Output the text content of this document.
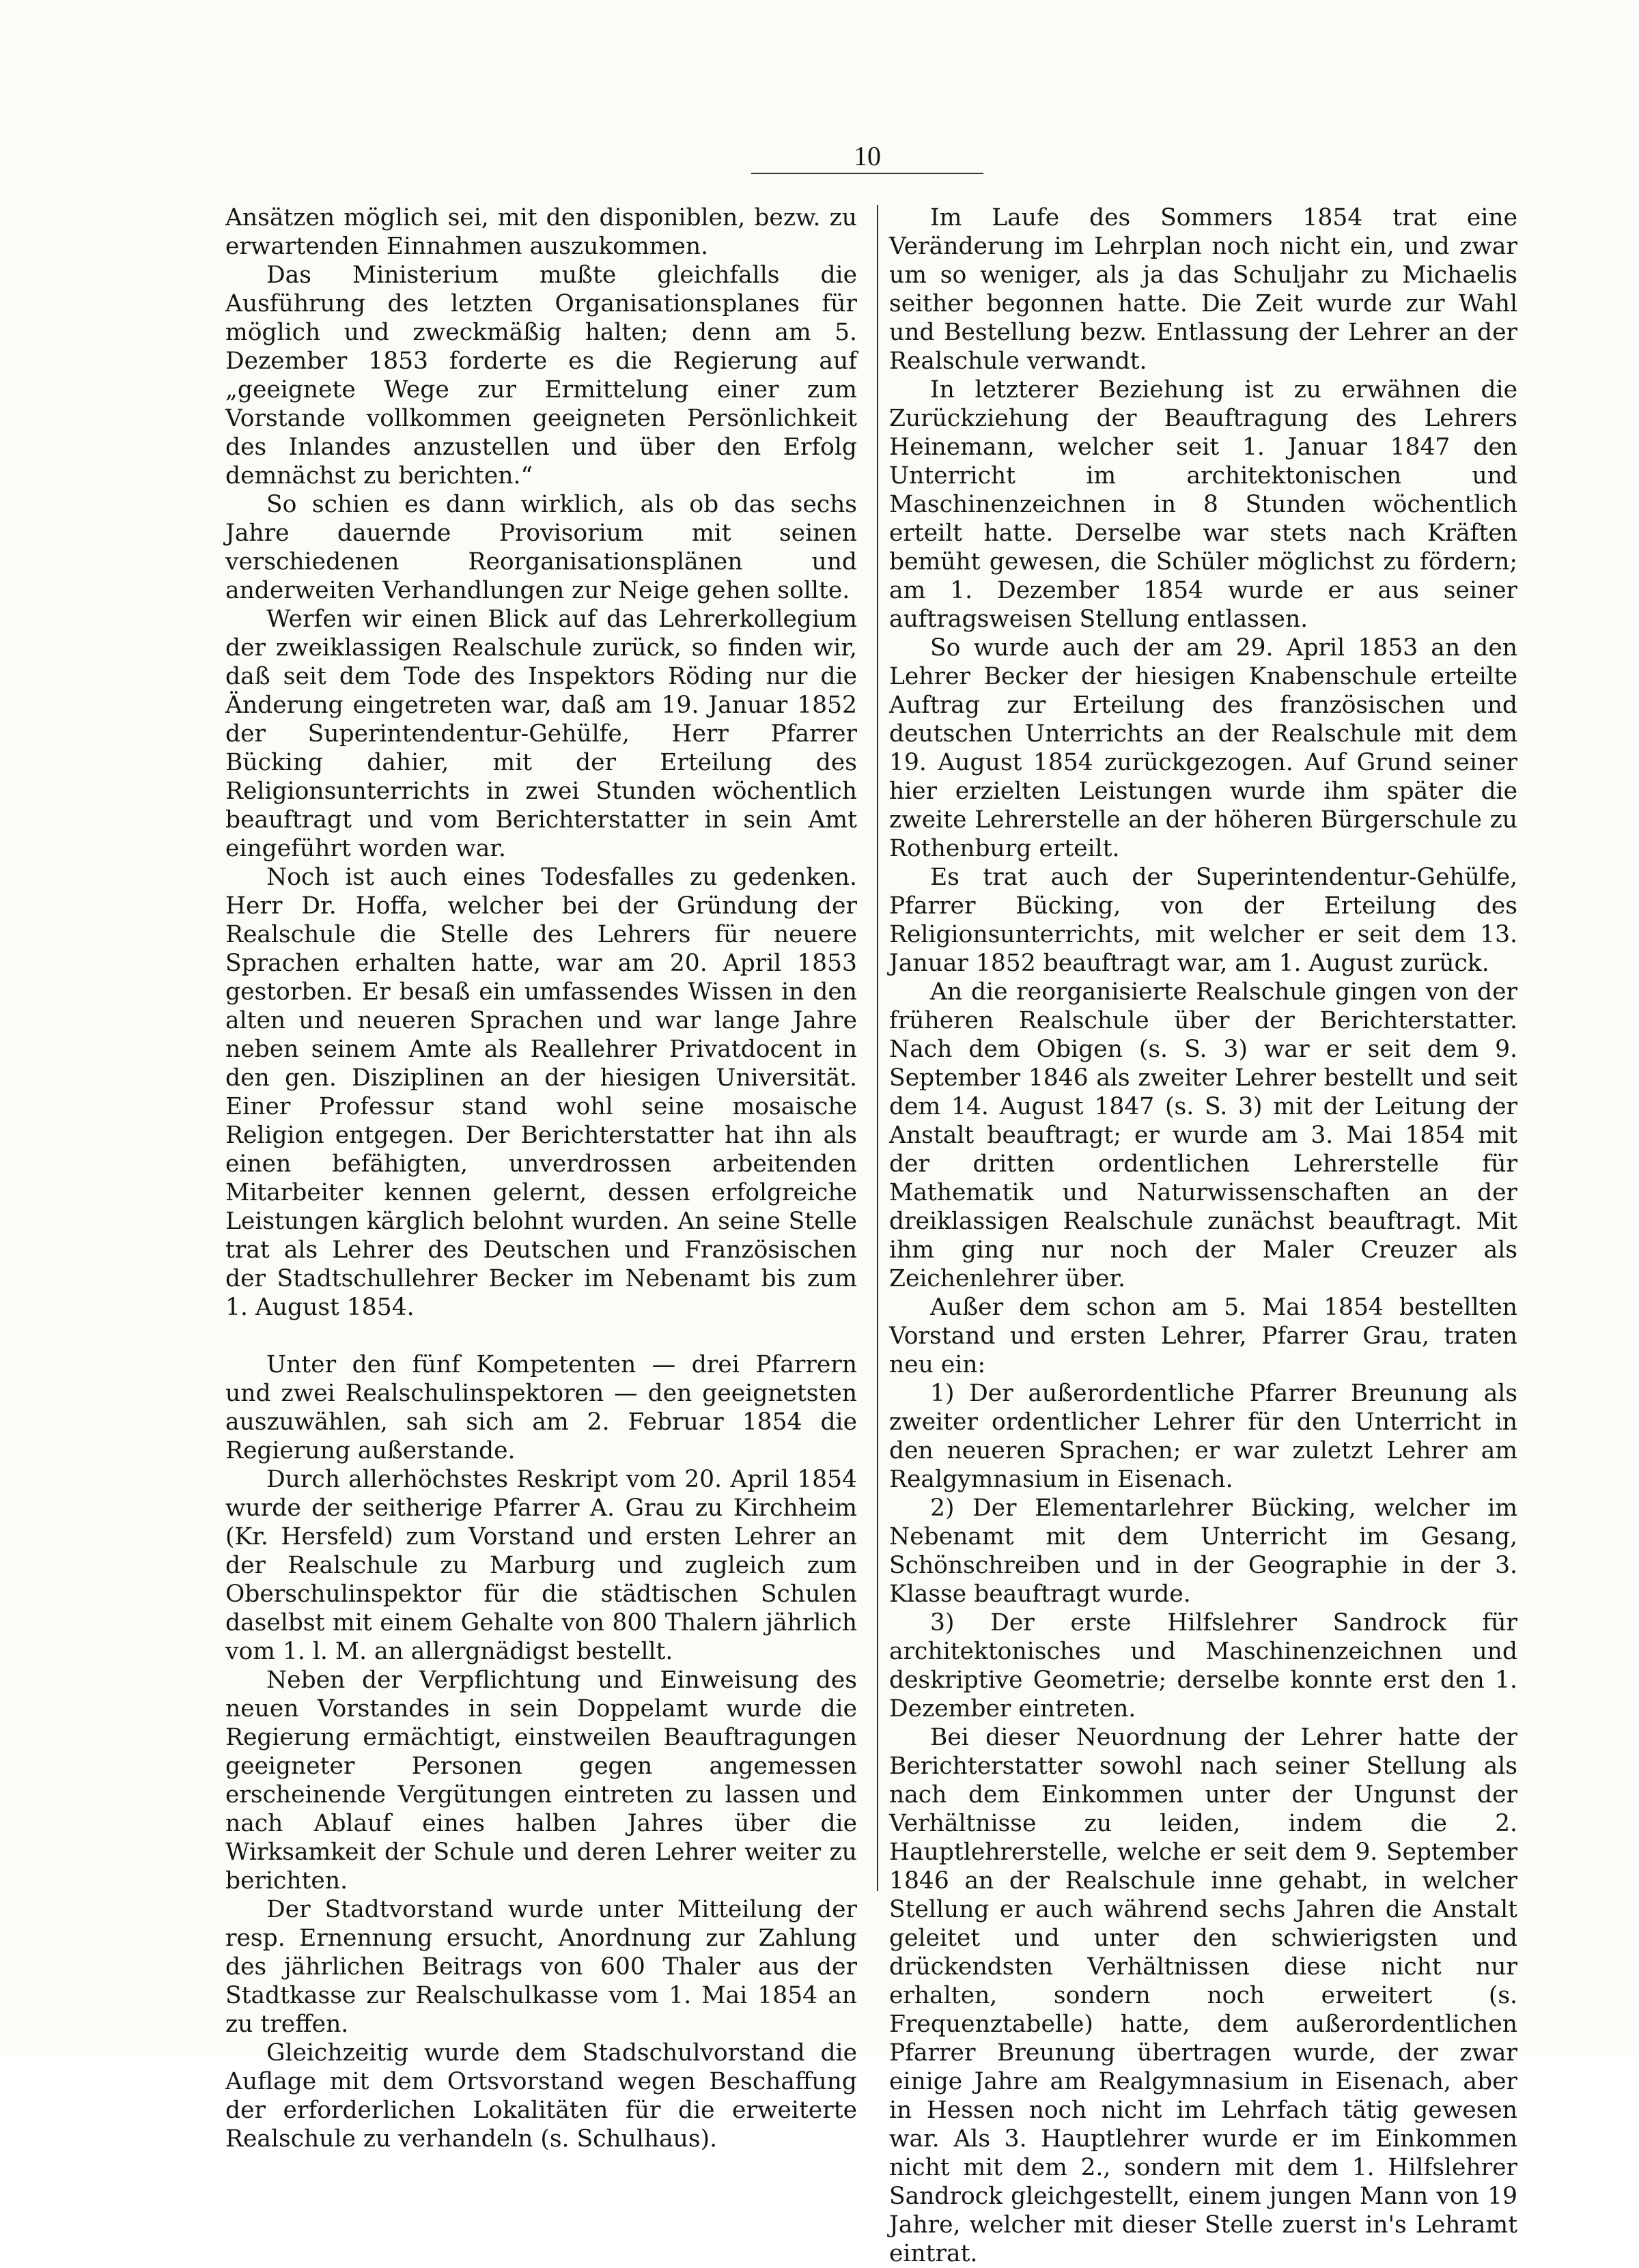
10

Ansätzen möglich sei, mit den disponiblen, bezw. zu erwartenden Einnahmen auszukommen.

Das Ministerium mußte gleichfalls die Ausführung des letzten Organisationsplanes für möglich und zweckmäßig halten; denn am 5. Dezember 1853 forderte es die Regierung auf „geeignete Wege zur Ermittelung einer zum Vorstande vollkommen geeigneten Persönlichkeit des Inlandes anzustellen und über den Erfolg demnächst zu berichten.“

So schien es dann wirklich, als ob das sechs Jahre dauernde Provisorium mit seinen verschiedenen Reorganisationsplänen und anderweiten Verhandlungen zur Neige gehen sollte.

Werfen wir einen Blick auf das Lehrerkollegium der zweiklassigen Realschule zurück, so finden wir, daß seit dem Tode des Inspektors Röding nur die Änderung eingetreten war, daß am 19. Januar 1852 der Superintendentur-Gehülfe, Herr Pfarrer Bücking dahier, mit der Erteilung des Religionsunterrichts in zwei Stunden wöchentlich beauftragt und vom Berichterstatter in sein Amt eingeführt worden war.

Noch ist auch eines Todesfalles zu gedenken. Herr Dr. Hoffa, welcher bei der Gründung der Realschule die Stelle des Lehrers für neuere Sprachen erhalten hatte, war am 20. April 1853 gestorben. Er besaß ein umfassendes Wissen in den alten und neueren Sprachen und war lange Jahre neben seinem Amte als Reallehrer Privatdocent in den gen. Disziplinen an der hiesigen Universität. Einer Professur stand wohl seine mosaische Religion entgegen. Der Berichterstatter hat ihn als einen befähigten, unverdrossen arbeitenden Mitarbeiter kennen gelernt, dessen erfolgreiche Leistungen kärglich belohnt wurden. An seine Stelle trat als Lehrer des Deutschen und Französischen der Stadtschullehrer Becker im Nebenamt bis zum 1. August 1854.

Unter den fünf Kompetenten — drei Pfarrern und zwei Realschulinspektoren — den geeignetsten auszuwählen, sah sich am 2. Februar 1854 die Regierung außerstande.

Durch allerhöchstes Reskript vom 20. April 1854 wurde der seitherige Pfarrer A. Grau zu Kirchheim (Kr. Hersfeld) zum Vorstand und ersten Lehrer an der Realschule zu Marburg und zugleich zum Oberschulinspektor für die städtischen Schulen daselbst mit einem Gehalte von 800 Thalern jährlich vom 1. l. M. an allergnädigst bestellt.

Neben der Verpflichtung und Einweisung des neuen Vorstandes in sein Doppelamt wurde die Regierung ermächtigt, einstweilen Beauftragungen geeigneter Personen gegen angemessen erscheinende Vergütungen eintreten zu lassen und nach Ablauf eines halben Jahres über die Wirksamkeit der Schule und deren Lehrer weiter zu berichten.

Der Stadtvorstand wurde unter Mitteilung der resp. Ernennung ersucht, Anordnung zur Zahlung des jährlichen Beitrags von 600 Thaler aus der Stadtkasse zur Realschulkasse vom 1. Mai 1854 an zu treffen.

Gleichzeitig wurde dem Stadschulvorstand die Auflage mit dem Ortsvorstand wegen Beschaffung der erforderlichen Lokalitäten für die erweiterte Realschule zu verhandeln (s. Schulhaus).

Im Laufe des Sommers 1854 trat eine Veränderung im Lehrplan noch nicht ein, und zwar um so weniger, als ja das Schuljahr zu Michaelis seither begonnen hatte. Die Zeit wurde zur Wahl und Bestellung bezw. Entlassung der Lehrer an der Realschule verwandt.

In letzterer Beziehung ist zu erwähnen die Zurückziehung der Beauftragung des Lehrers Heinemann, welcher seit 1. Januar 1847 den Unterricht im architektonischen und Maschinenzeichnen in 8 Stunden wöchentlich erteilt hatte. Derselbe war stets nach Kräften bemüht gewesen, die Schüler möglichst zu fördern; am 1. Dezember 1854 wurde er aus seiner auftragsweisen Stellung entlassen.

So wurde auch der am 29. April 1853 an den Lehrer Becker der hiesigen Knabenschule erteilte Auftrag zur Erteilung des französischen und deutschen Unterrichts an der Realschule mit dem 19. August 1854 zurückgezogen. Auf Grund seiner hier erzielten Leistungen wurde ihm später die zweite Lehrerstelle an der höheren Bürgerschule zu Rothenburg erteilt.

Es trat auch der Superintendentur-Gehülfe, Pfarrer Bücking, von der Erteilung des Religionsunterrichts, mit welcher er seit dem 13. Januar 1852 beauftragt war, am 1. August zurück.

An die reorganisierte Realschule gingen von der früheren Realschule über der Berichterstatter. Nach dem Obigen (s. S. 3) war er seit dem 9. September 1846 als zweiter Lehrer bestellt und seit dem 14. August 1847 (s. S. 3) mit der Leitung der Anstalt beauftragt; er wurde am 3. Mai 1854 mit der dritten ordentlichen Lehrerstelle für Mathematik und Naturwissenschaften an der dreiklassigen Realschule zunächst beauftragt. Mit ihm ging nur noch der Maler Creuzer als Zeichenlehrer über.

Außer dem schon am 5. Mai 1854 bestellten Vorstand und ersten Lehrer, Pfarrer Grau, traten neu ein:

1) Der außerordentliche Pfarrer Breunung als zweiter ordentlicher Lehrer für den Unterricht in den neueren Sprachen; er war zuletzt Lehrer am Realgymnasium in Eisenach.

2) Der Elementarlehrer Bücking, welcher im Nebenamt mit dem Unterricht im Gesang, Schönschreiben und in der Geographie in der 3. Klasse beauftragt wurde.

3) Der erste Hilfslehrer Sandrock für architektonisches und Maschinenzeichnen und deskriptive Geometrie; derselbe konnte erst den 1. Dezember eintreten.

Bei dieser Neuordnung der Lehrer hatte der Berichterstatter sowohl nach seiner Stellung als nach dem Einkommen unter der Ungunst der Verhältnisse zu leiden, indem die 2. Hauptlehrerstelle, welche er seit dem 9. September 1846 an der Realschule inne gehabt, in welcher Stellung er auch während sechs Jahren die Anstalt geleitet und unter den schwierigsten und drückendsten Verhältnissen diese nicht nur erhalten, sondern noch erweitert (s. Frequenztabelle) hatte, dem außerordentlichen Pfarrer Breunung übertragen wurde, der zwar einige Jahre am Realgymnasium in Eisenach, aber in Hessen noch nicht im Lehrfach tätig gewesen war. Als 3. Hauptlehrer wurde er im Einkommen nicht mit dem 2., sondern mit dem 1. Hilfslehrer Sandrock gleichgestellt, einem jungen Mann von 19 Jahre, welcher mit dieser Stelle zuerst in's Lehramt eintrat.
